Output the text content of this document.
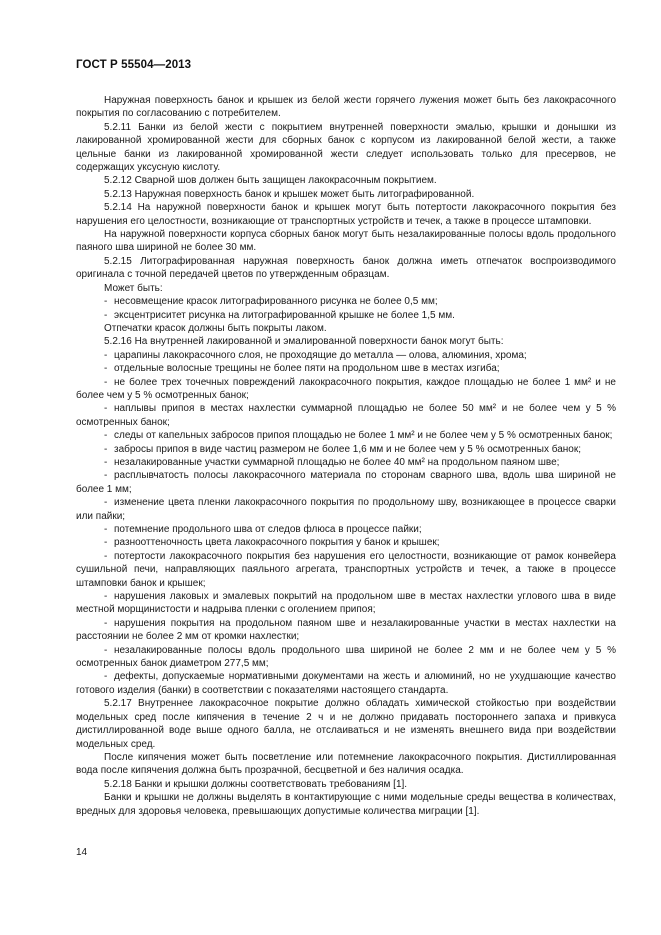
ГОСТ Р 55504—2013
Наружная поверхность банок и крышек из белой жести горячего лужения может быть без лакокрасочного покрытия по согласованию с потребителем.
5.2.11 Банки из белой жести с покрытием внутренней поверхности эмалью, крышки и донышки из лакированной хромированной жести для сборных банок с корпусом из лакированной белой жести, а также цельные банки из лакированной хромированной жести следует использовать только для пресервов, не содержащих уксусную кислоту.
5.2.12 Сварной шов должен быть защищен лакокрасочным покрытием.
5.2.13 Наружная поверхность банок и крышек может быть литографированной.
5.2.14 На наружной поверхности банок и крышек могут быть потертости лакокрасочного покрытия без нарушения его целостности, возникающие от транспортных устройств и течек, а также в процессе штамповки.
На наружной поверхности корпуса сборных банок могут быть незалакированные полосы вдоль продольного паяного шва шириной не более 30 мм.
5.2.15 Литографированная наружная поверхность банок должна иметь отпечаток воспроизводимого оригинала с точной передачей цветов по утвержденным образцам.
Может быть:
- несовмещение красок литографированного рисунка не более 0,5 мм;
- эксцентриситет рисунка на литографированной крышке не более 1,5 мм.
Отпечатки красок должны быть покрыты лаком.
5.2.16 На внутренней лакированной и эмалированной поверхности банок могут быть:
- царапины лакокрасочного слоя, не проходящие до металла — олова, алюминия, хрома;
- отдельные волосные трещины не более пяти на продольном шве в местах изгиба;
- не более трех точечных повреждений лакокрасочного покрытия, каждое площадью не более 1 мм² и не более чем у 5 % осмотренных банок;
- наплывы припоя в местах нахлестки суммарной площадью не более 50 мм² и не более чем у 5 % осмотренных банок;
- следы от капельных забросов припоя площадью не более 1 мм² и не более чем у 5 % осмотренных банок;
- забросы припоя в виде частиц размером не более 1,6 мм и не более чем у 5 % осмотренных банок;
- незалакированные участки суммарной площадью не более 40 мм² на продольном паяном шве;
- расплывчатость полосы лакокрасочного материала по сторонам сварного шва, вдоль шва шириной не более 1 мм;
- изменение цвета пленки лакокрасочного покрытия по продольному шву, возникающее в процессе сварки или пайки;
- потемнение продольного шва от следов флюса в процессе пайки;
- разнооттеночность цвета лакокрасочного покрытия у банок и крышек;
- потертости лакокрасочного покрытия без нарушения его целостности, возникающие от рамок конвейера сушильной печи, направляющих паяльного агрегата, транспортных устройств и течек, а также в процессе штамповки банок и крышек;
- нарушения лаковых и эмалевых покрытий на продольном шве в местах нахлестки углового шва в виде местной морщинистости и надрыва пленки с оголением припоя;
- нарушения покрытия на продольном паяном шве и незалакированные участки в местах нахлестки на расстоянии не более 2 мм от кромки нахлестки;
- незалакированные полосы вдоль продольного шва шириной не более 2 мм и не более чем у 5 % осмотренных банок диаметром 277,5 мм;
- дефекты, допускаемые нормативными документами на жесть и алюминий, но не ухудшающие качество готового изделия (банки) в соответствии с показателями настоящего стандарта.
5.2.17 Внутреннее лакокрасочное покрытие должно обладать химической стойкостью при воздействии модельных сред после кипячения в течение 2 ч и не должно придавать постороннего запаха и привкуса дистиллированной воде выше одного балла, не отслаиваться и не изменять внешнего вида при воздействии модельных сред.
После кипячения может быть посветление или потемнение лакокрасочного покрытия. Дистиллированная вода после кипячения должна быть прозрачной, бесцветной и без наличия осадка.
5.2.18 Банки и крышки должны соответствовать требованиям [1].
Банки и крышки не должны выделять в контактирующие с ними модельные среды вещества в количествах, вредных для здоровья человека, превышающих допустимые количества миграции [1].
14
